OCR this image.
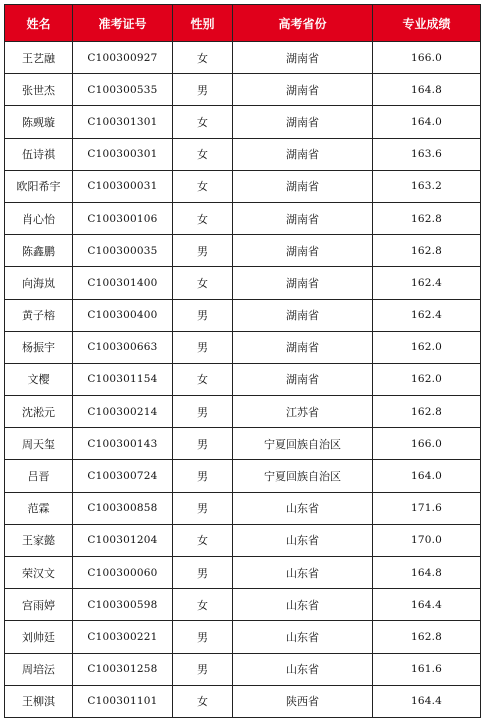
姓名	准考证号	性别	高考省份	专业成绩
王艺融	C100300927	女	湖南省	166.0
张世杰	C100300535	男	湖南省	164.8
陈觋璇	C100301301	女	湖南省	164.0
伍诗祺	C100300301	女	湖南省	163.6
欧阳希宇	C100300031	女	湖南省	163.2
肖心怡	C100300106	女	湖南省	162.8
陈鑫鹏	C100300035	男	湖南省	162.8
向海岚	C100301400	女	湖南省	162.4
黄子榕	C100300400	男	湖南省	162.4
杨振宇	C100300663	男	湖南省	162.0
文樱	C100301154	女	湖南省	162.0
沈淞元	C100300214	男	江苏省	162.8
周天玺	C100300143	男	宁夏回族自治区	166.0
吕晋	C100300724	男	宁夏回族自治区	164.0
范霖	C100300858	男	山东省	171.6
王家懿	C100301204	女	山东省	170.0
荣汉文	C100300060	男	山东省	164.8
宫雨婷	C100300598	女	山东省	164.4
刘帅廷	C100300221	男	山东省	162.8
周培沄	C100301258	男	山东省	161.6
王柳淇	C100301101	女	陕西省	164.4
